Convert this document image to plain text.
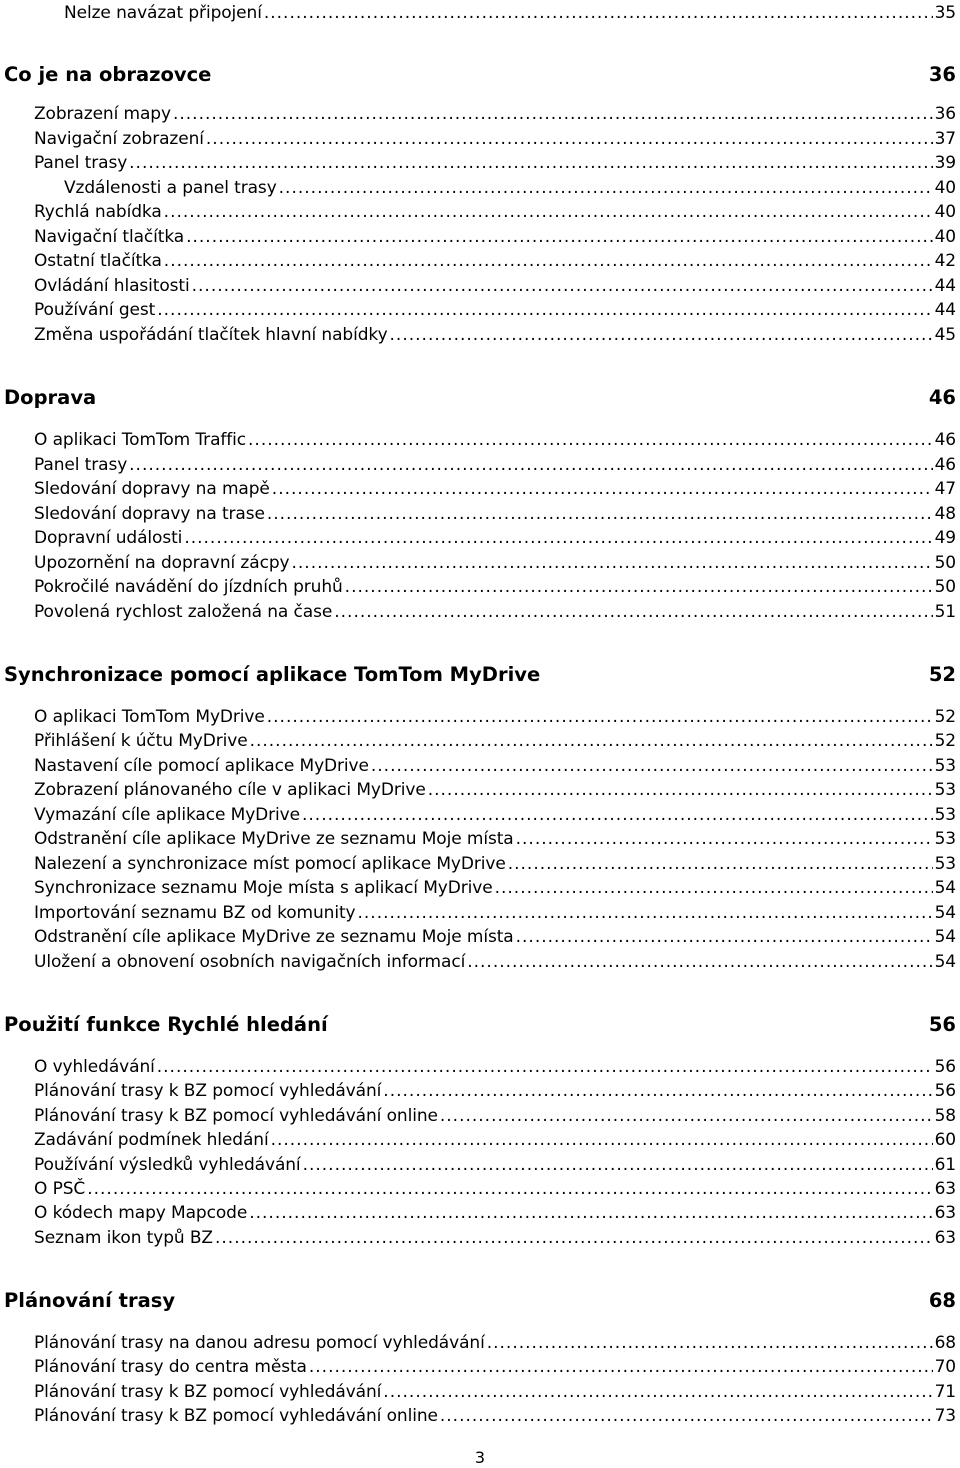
Nelze navázat připojení .....	35
Co je na obrazovce	36
Zobrazení mapy .....	36
Navigační zobrazení .....	37
Panel trasy .....	39
Vzdálenosti a panel trasy .....	40
Rychlá nabídka .....	40
Navigační tlačítka .....	40
Ostatní tlačítka .....	42
Ovládání hlasitosti .....	44
Používání gest .....	44
Změna uspořádání tlačítek hlavní nabídky .....	45
Doprava	46
O aplikaci TomTom Traffic .....	46
Panel trasy .....	46
Sledování dopravy na mapě .....	47
Sledování dopravy na trase .....	48
Dopravní události .....	49
Upozornění na dopravní zácpy .....	50
Pokročilé navádění do jízdních pruhů .....	50
Povolená rychlost založená na čase .....	51
Synchronizace pomocí aplikace TomTom MyDrive	52
O aplikaci TomTom MyDrive .....	52
Přihlášení k účtu MyDrive .....	52
Nastavení cíle pomocí aplikace MyDrive .....	53
Zobrazení plánovaného cíle v aplikaci MyDrive .....	53
Vymazání cíle aplikace MyDrive .....	53
Odstranění cíle aplikace MyDrive ze seznamu Moje místa .....	53
Nalezení a synchronizace míst pomocí aplikace MyDrive .....	53
Synchronizace seznamu Moje místa s aplikací MyDrive .....	54
Importování seznamu BZ od komunity .....	54
Odstranění cíle aplikace MyDrive ze seznamu Moje místa .....	54
Uložení a obnovení osobních navigačních informací .....	54
Použití funkce Rychlé hledání	56
O vyhledávání .....	56
Plánování trasy k BZ pomocí vyhledávání .....	56
Plánování trasy k BZ pomocí vyhledávání online .....	58
Zadávání podmínek hledání .....	60
Používání výsledků vyhledávání .....	61
O PSČ .....	63
O kódech mapy Mapcode .....	63
Seznam ikon typů BZ .....	63
Plánování trasy	68
Plánování trasy na danou adresu pomocí vyhledávání .....	68
Plánování trasy do centra města .....	70
Plánování trasy k BZ pomocí vyhledávání .....	71
Plánování trasy k BZ pomocí vyhledávání online .....	73
3
